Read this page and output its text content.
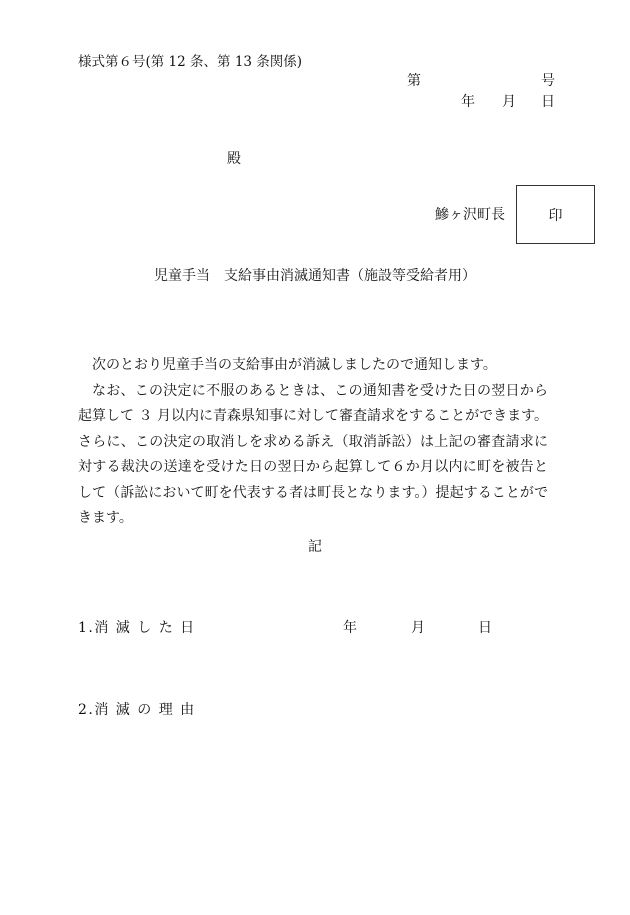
様式第６号(第 12 条、第 13 条関係)
第	号
年 月 日
殿
鰺ヶ沢町長	印
児童手当　支給事由消滅通知書（施設等受給者用）

次のとおり児童手当の支給事由が消滅しましたので通知します。

なお、この決定に不服のあるときは、この通知書を受けた日の翌日から起算して ３ 月以内に青森県知事に対して審査請求をすることができます。さらに、この決定の取消しを求める訴え（取消訴訟）は上記の審査請求に対する裁決の送達を受けた日の翌日から起算して６か月以内に町を被告として（訴訟において町を代表する者は町長となります。）提起することができます。

記
1.消 滅 し た 日	年	月	日
2.消 滅 の 理 由
